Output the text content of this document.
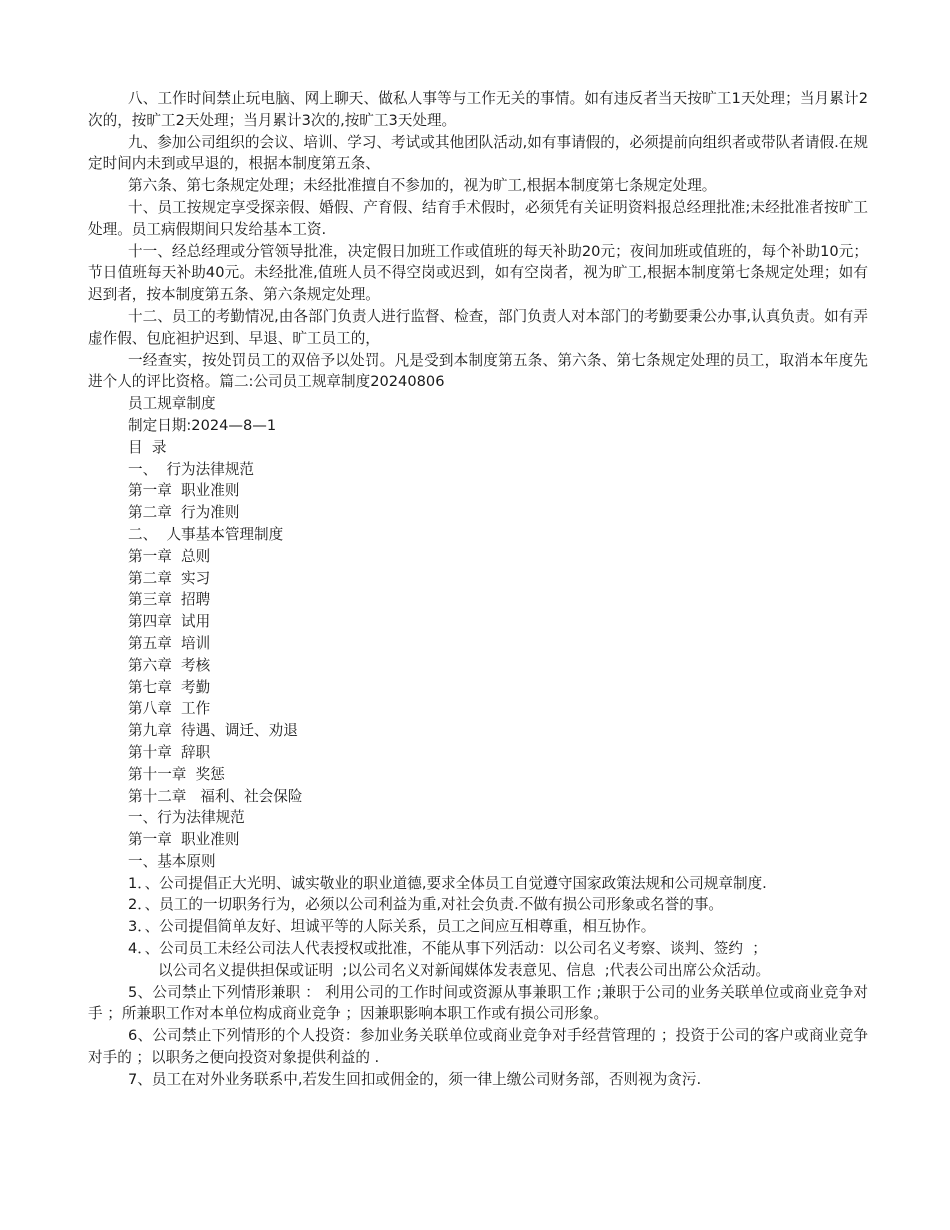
八、工作时间禁止玩电脑、网上聊天、做私人事等与工作无关的事情。如有违反者当天按旷工1天处理；当月累计2次的，按旷工2天处理；当月累计3次的,按旷工3天处理。

九、参加公司组织的会议、培训、学习、考试或其他团队活动,如有事请假的，必须提前向组织者或带队者请假.在规定时间内未到或早退的，根据本制度第五条、

第六条、第七条规定处理；未经批准擅自不参加的，视为旷工,根据本制度第七条规定处理。

十、员工按规定享受探亲假、婚假、产育假、结育手术假时，必须凭有关证明资料报总经理批准;未经批准者按旷工处理。员工病假期间只发给基本工资.

十一、经总经理或分管领导批准，决定假日加班工作或值班的每天补助20元；夜间加班或值班的，每个补助10元；节日值班每天补助40元。未经批准,值班人员不得空岗或迟到，如有空岗者，视为旷工,根据本制度第七条规定处理；如有迟到者，按本制度第五条、第六条规定处理。

十二、员工的考勤情况,由各部门负责人进行监督、检查，部门负责人对本部门的考勤要秉公办事,认真负责。如有弄虚作假、包庇袒护迟到、早退、旷工员工的，

一经查实，按处罚员工的双倍予以处罚。凡是受到本制度第五条、第六条、第七条规定处理的员工，取消本年度先进个人的评比资格。篇二:公司员工规章制度20240806

员工规章制度

制定日期:2024—8—1

目  录

一、  行为法律规范

第一章  职业准则

第二章  行为准则

二、  人事基本管理制度

第一章  总则

第二章  实习

第三章  招聘

第四章  试用

第五章  培训

第六章  考核

第七章  考勤

第八章  工作

第九章  待遇、调迁、劝退

第十章  辞职

第十一章  奖惩

第十二章   福利、社会保险

一、行为法律规范

第一章  职业准则

一、基本原则

1．、公司提倡正大光明、诚实敬业的职业道德,要求全体员工自觉遵守国家政策法规和公司规章制度.

2．、员工的一切职务行为，必须以公司利益为重,对社会负责.不做有损公司形象或名誉的事。

3．、公司提倡简单友好、坦诚平等的人际关系，员工之间应互相尊重，相互协作。

4．、公司员工未经公司法人代表授权或批准，不能从事下列活动：以公司名义考察、谈判、签约  ；

以公司名义提供担保或证明  ;以公司名义对新闻媒体发表意见、信息  ;代表公司出席公众活动。

5、公司禁止下列情形兼职 ： 利用公司的工作时间或资源从事兼职工作 ;兼职于公司的业务关联单位或商业竞争对手 ；所兼职工作对本单位构成商业竞争 ；因兼职影响本职工作或有损公司形象。

6、公司禁止下列情形的个人投资：参加业务关联单位或商业竞争对手经营管理的 ；投资于公司的客户或商业竞争对手的 ；以职务之便向投资对象提供利益的 .

7、员工在对外业务联系中,若发生回扣或佣金的，须一律上缴公司财务部，否则视为贪污.
